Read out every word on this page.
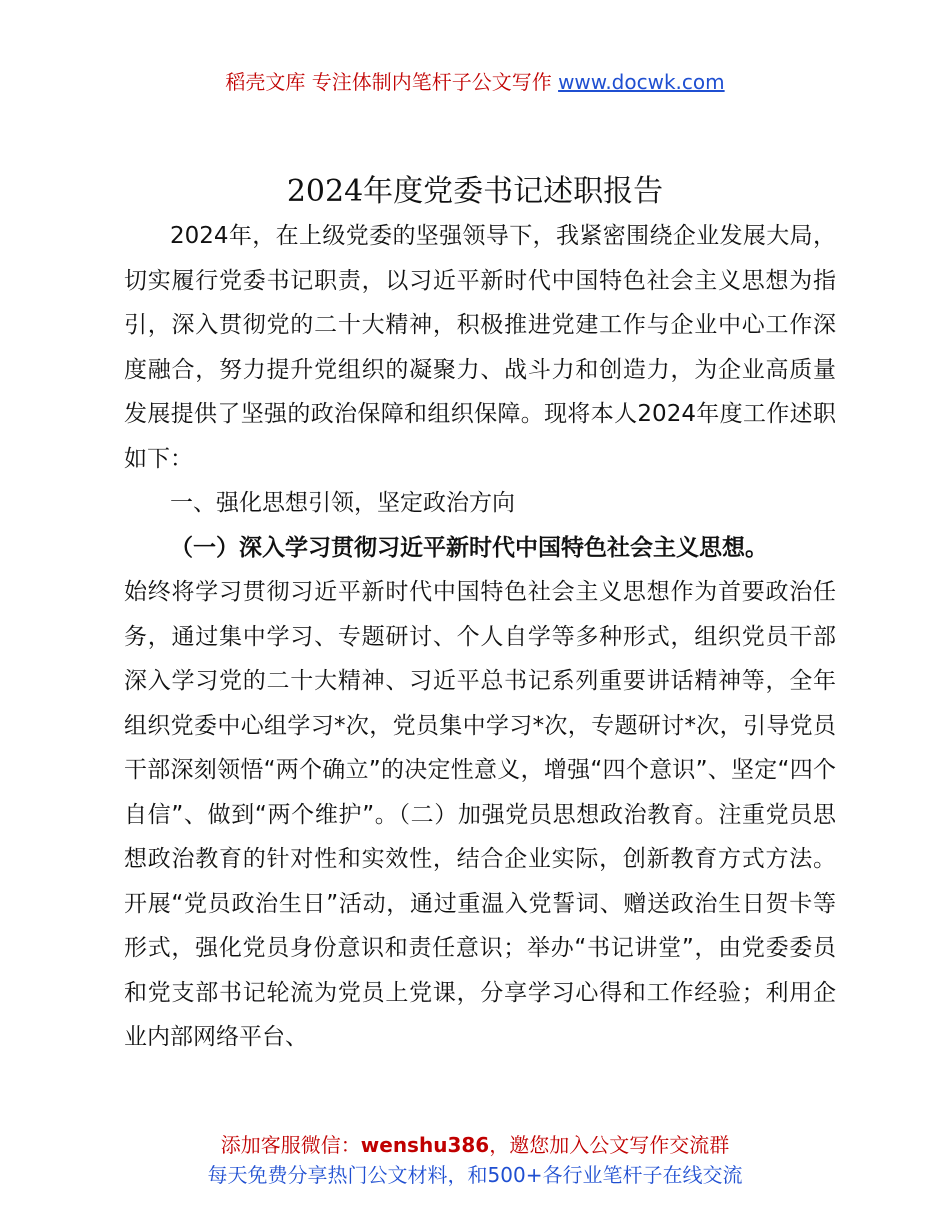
稻壳文库 专注体制内笔杆子公文写作 www.docwk.com
2024年度党委书记述职报告

2024年，在上级党委的坚强领导下，我紧密围绕企业发展大局，切实履行党委书记职责，以习近平新时代中国特色社会主义思想为指引，深入贯彻党的二十大精神，积极推进党建工作与企业中心工作深度融合，努力提升党组织的凝聚力、战斗力和创造力，为企业高质量发展提供了坚强的政治保障和组织保障。现将本人2024年度工作述职如下：

一、强化思想引领，坚定政治方向

（一）深入学习贯彻习近平新时代中国特色社会主义思想。

始终将学习贯彻习近平新时代中国特色社会主义思想作为首要政治任务，通过集中学习、专题研讨、个人自学等多种形式，组织党员干部深入学习党的二十大精神、习近平总书记系列重要讲话精神等，全年组织党委中心组学习*次，党员集中学习*次，专题研讨*次，引导党员干部深刻领悟“两个确立”的决定性意义，增强“四个意识”、坚定“四个自信”、做到“两个维护”。（二）加强党员思想政治教育。注重党员思想政治教育的针对性和实效性，结合企业实际，创新教育方式方法。开展“党员政治生日”活动，通过重温入党誓词、赠送政治生日贺卡等形式，强化党员身份意识和责任意识；举办“书记讲堂”，由党委委员和党支部书记轮流为党员上党课，分享学习心得和工作经验；利用企业内部网络平台、

添加客服微信：wenshu386，邀您加入公文写作交流群
每天免费分享热门公文材料，和500+各行业笔杆子在线交流
